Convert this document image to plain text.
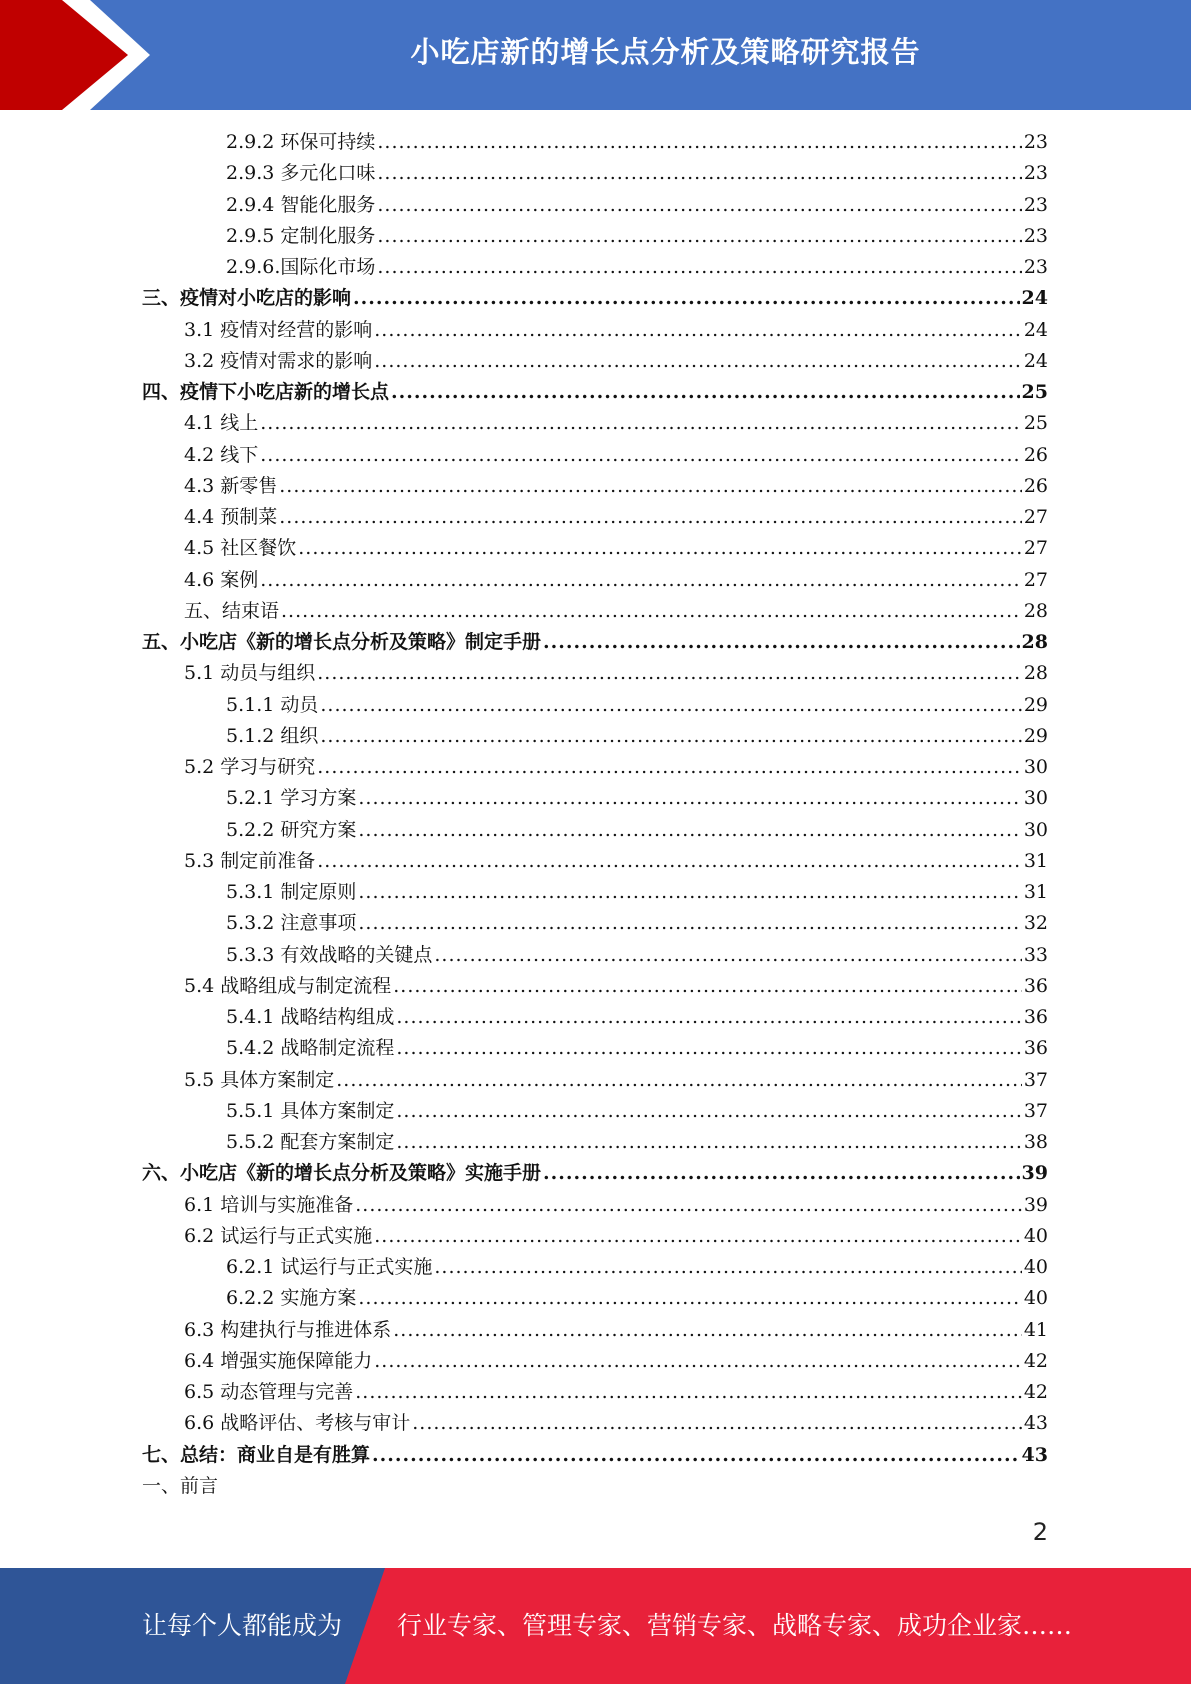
小吃店新的增长点分析及策略研究报告
2.9.2 环保可持续 .....	23
2.9.3 多元化口味 .....	23
2.9.4 智能化服务 .....	23
2.9.5 定制化服务 .....	23
2.9.6.国际化市场 .....	23
三、疫情对小吃店的影响 .....	24
3.1 疫情对经营的影响 .....	24
3.2 疫情对需求的影响 .....	24
四、疫情下小吃店新的增长点 .....	25
4.1 线上 .....	25
4.2 线下 .....	26
4.3 新零售 .....	26
4.4 预制菜 .....	27
4.5 社区餐饮 .....	27
4.6 案例 .....	27
五、结束语 .....	28
五、小吃店《新的增长点分析及策略》制定手册 .....	28
5.1 动员与组织 .....	28
5.1.1 动员 .....	29
5.1.2 组织 .....	29
5.2 学习与研究 .....	30
5.2.1 学习方案 .....	30
5.2.2 研究方案 .....	30
5.3 制定前准备 .....	31
5.3.1 制定原则 .....	31
5.3.2 注意事项 .....	32
5.3.3 有效战略的关键点 .....	33
5.4 战略组成与制定流程 .....	36
5.4.1 战略结构组成 .....	36
5.4.2 战略制定流程 .....	36
5.5 具体方案制定 .....	37
5.5.1 具体方案制定 .....	37
5.5.2 配套方案制定 .....	38
六、小吃店《新的增长点分析及策略》实施手册 .....	39
6.1 培训与实施准备 .....	39
6.2 试运行与正式实施 .....	40
6.2.1 试运行与正式实施 .....	40
6.2.2 实施方案 .....	40
6.3 构建执行与推进体系 .....	41
6.4 增强实施保障能力 .....	42
6.5 动态管理与完善 .....	42
6.6 战略评估、考核与审计 .....	43
七、总结：商业自是有胜算 .....	43
一、前言
2
让每个人都能成为 行业专家、管理专家、营销专家、战略专家、成功企业家……
